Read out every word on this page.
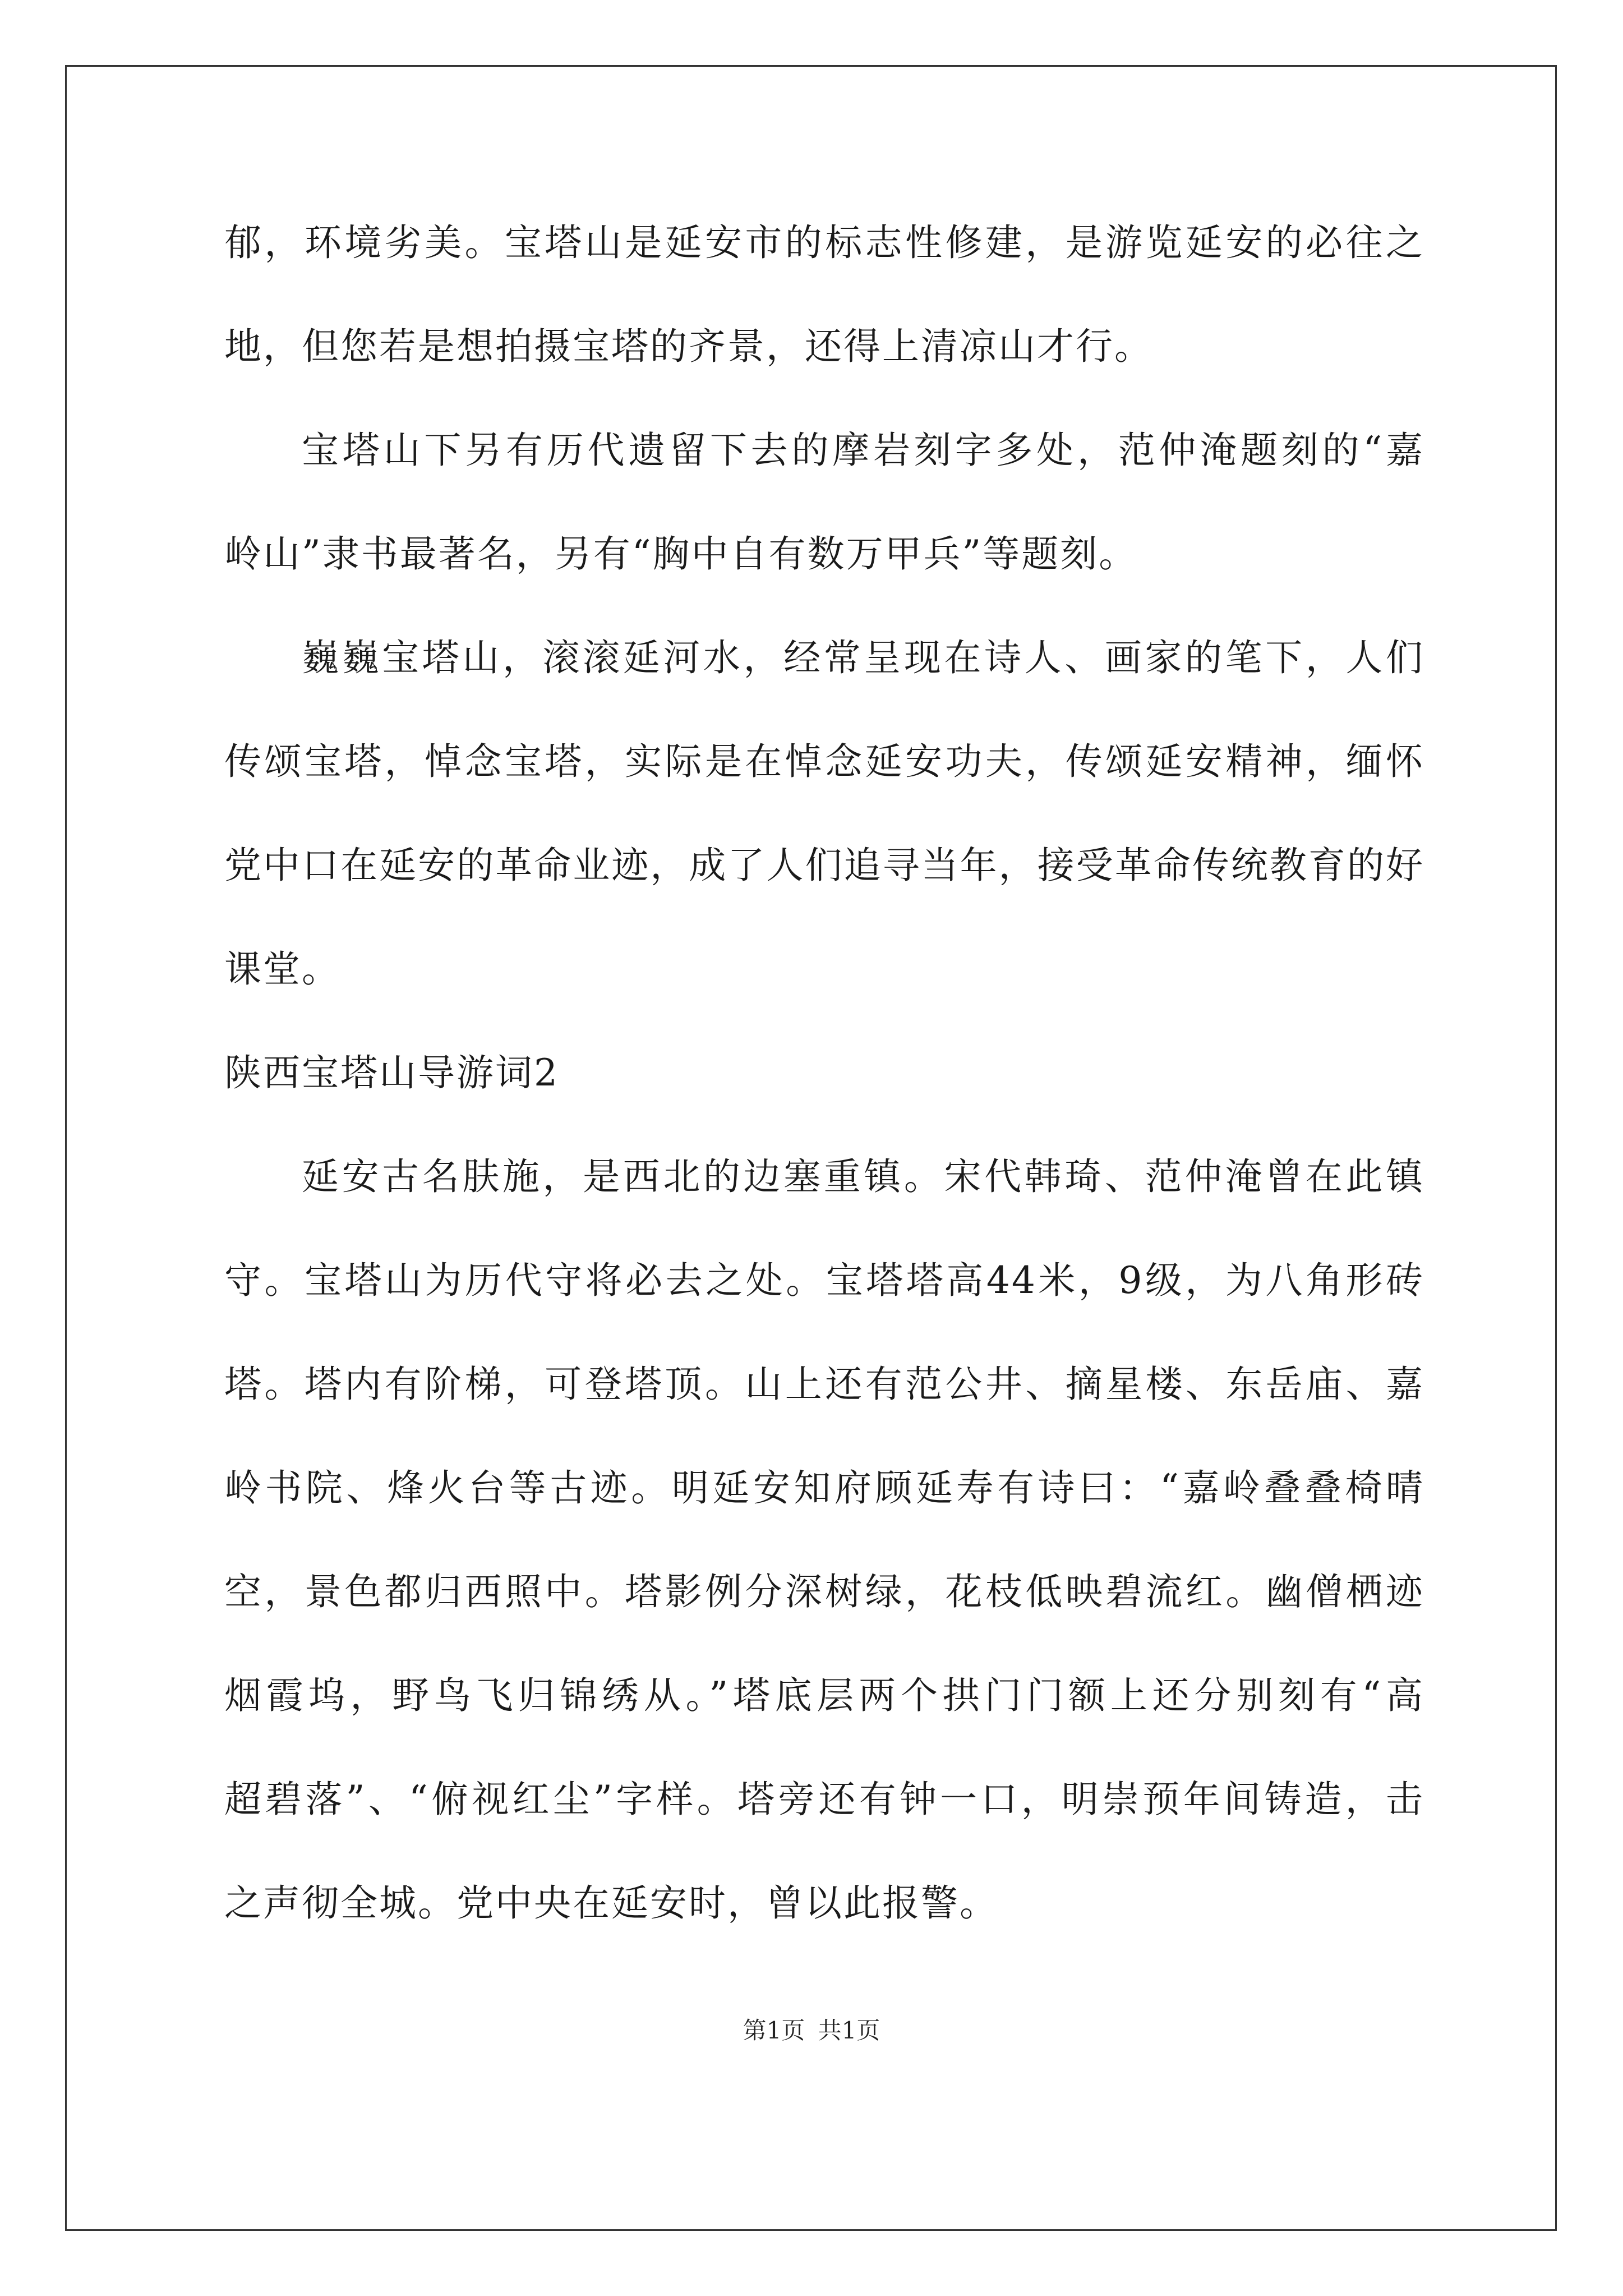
郁，环境劣美。宝塔山是延安市的标志性修建，是游览延安的必往之

地，但您若是想拍摄宝塔的齐景，还得上清凉山才行。

宝塔山下另有历代遗留下去的摩岩刻字多处，范仲淹题刻的“嘉

岭山”隶书最著名，另有“胸中自有数万甲兵”等题刻。

巍巍宝塔山，滚滚延河水，经常呈现在诗人、画家的笔下，人们

传颂宝塔，悼念宝塔，实际是在悼念延安功夫，传颂延安精神，缅怀

党中口在延安的革命业迹，成了人们追寻当年，接受革命传统教育的好

课堂。

陕西宝塔山导游词2

延安古名肤施，是西北的边塞重镇。宋代韩琦、范仲淹曾在此镇

守。宝塔山为历代守将必去之处。宝塔塔高44米，9级，为八角形砖

塔。塔内有阶梯，可登塔顶。山上还有范公井、摘星楼、东岳庙、嘉

岭书院、烽火台等古迹。明延安知府顾延寿有诗曰：“嘉岭叠叠椅晴

空，景色都归西照中。塔影例分深树绿，花枝低映碧流红。幽僧栖迹

烟霞坞，野鸟飞归锦绣从。”塔底层两个拱门门额上还分别刻有“高

超碧落”、“俯视红尘”字样。塔旁还有钟一口，明崇预年间铸造，击

之声彻全城。党中央在延安时，曾以此报警。

第1页 共1页
